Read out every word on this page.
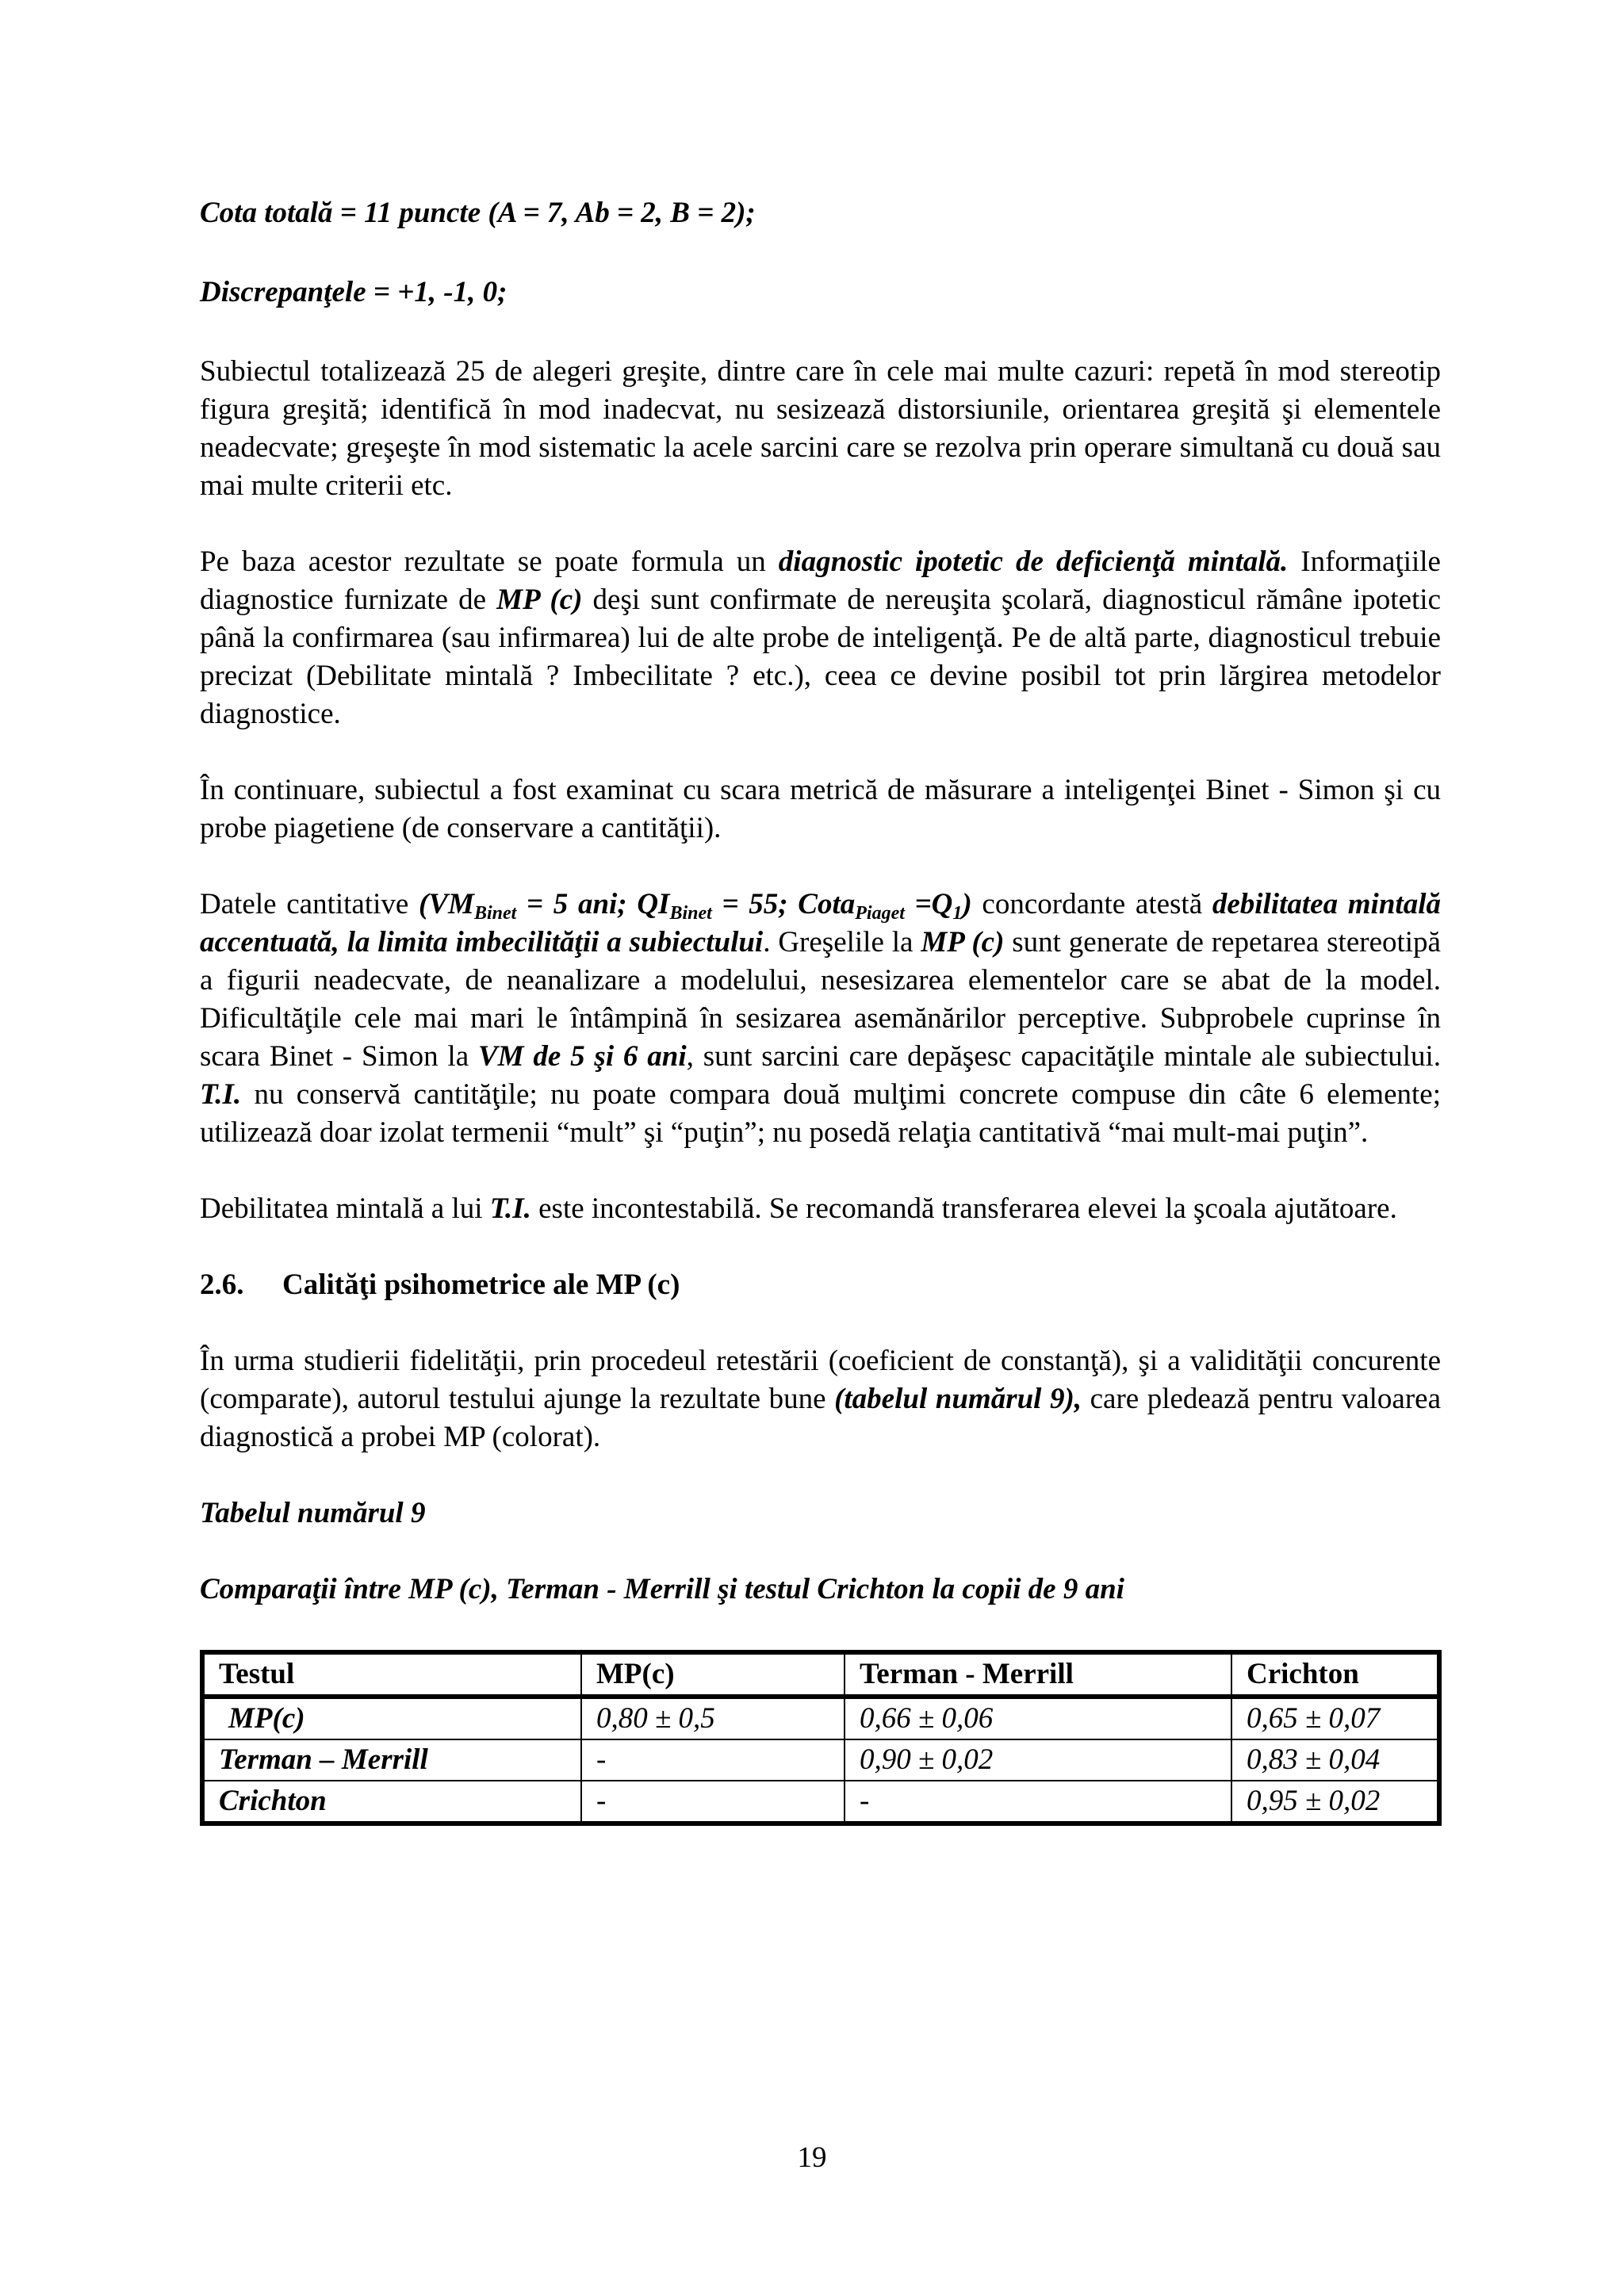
Cota totală = 11 puncte (A = 7, Ab = 2, B = 2);

Discrepanţele = +1, -1, 0;

Subiectul totalizează 25 de alegeri greşite, dintre care în cele mai multe cazuri: repetă în mod stereotip figura greşită; identifică în mod inadecvat, nu sesizează distorsiunile, orientarea greşită şi elementele neadecvate; greşeşte în mod sistematic la acele sarcini care se rezolva prin operare simultană cu două sau mai multe criterii etc.

Pe baza acestor rezultate se poate formula un diagnostic ipotetic de deficienţă mintală. Informaţiile diagnostice furnizate de MP (c) deşi sunt confirmate de nereuşita şcolară, diagnosticul rămâne ipotetic până la confirmarea (sau infirmarea) lui de alte probe de inteligenţă. Pe de altă parte, diagnosticul trebuie precizat (Debilitate mintală ? Imbecilitate ? etc.), ceea ce devine posibil tot prin lărgirea metodelor diagnostice.

În continuare, subiectul a fost examinat cu scara metrică de măsurare a inteligenţei Binet - Simon şi cu probe piagetiene (de conservare a cantităţii).

Datele cantitative ($VM_{Binet} = 5$ ani; $QI_{Binet} = 55$; Cota$_{Piaget}$ $=Q_1$) concordante atestă debilitatea mintală accentuată, la limita imbecilităţii a subiectului. Greşelile la MP (c) sunt generate de repetarea stereotipă a figurii neadecvate, de neanalizare a modelului, nesesizarea elementelor care se abat de la model. Dificultăţile cele mai mari le întâmpină în sesizarea asemănărilor perceptive. Subprobele cuprinse în scara Binet - Simon la VM de 5 şi 6 ani, sunt sarcini care depăşesc capacităţile mintale ale subiectului. T.I. nu conservă cantităţile; nu poate compara două mulţimi concrete compuse din câte 6 elemente; utilizează doar izolat termenii “mult” şi “puţin”; nu posedă relaţia cantitativă “mai mult-mai puţin”.

Debilitatea mintală a lui T.I. este incontestabilă. Se recomandă transferarea elevei la şcoala ajutătoare.

2.6. Calităţi psihometrice ale MP (c)

În urma studierii fidelităţii, prin procedeul retestării (coeficient de constanţă), şi a validităţii concurente (comparate), autorul testului ajunge la rezultate bune (tabelul numărul 9), care pledează pentru valoarea diagnostică a probei MP (colorat).

Tabelul numărul 9

Comparaţii între MP (c), Terman - Merrill şi testul Crichton la copii de 9 ani

Testul	MP(c)	Terman - Merrill	Crichton
MP(c)	0,80 ± 0,5	0,66 ± 0,06	0,65 ± 0,07
Terman – Merrill	-	0,90 ± 0,02	0,83 ± 0,04
Crichton	-	-	0,95 ± 0,02
19
